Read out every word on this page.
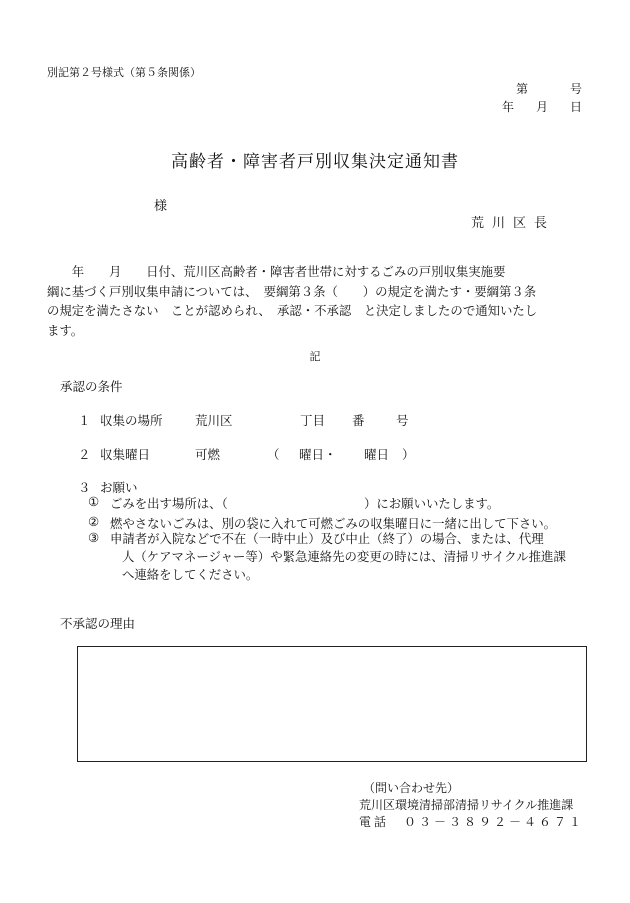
別記第２号様式（第５条関係）
第	号
年 月 日
高齢者・障害者戸別収集決定通知書
様
荒川区長

　　年　　月　　日付、荒川区高齢者・障害者世帯に対するごみの戸別収集実施要

綱に基づく戸別収集申請については、　要綱第３条（　　）の規定を満たす・要綱第３条

の規定を満たさない　ことが認められ、　承認・不承認　と決定しましたので通知いたし

ます。

記
承認の条件
１ 収集の場所	荒川区	丁目	番	号
２ 収集曜日	可燃	（	曜日・	曜日	）
３ お願い
① ごみを出す場所は、（　　　　　　　　　　　）にお願いいたします。
② 燃やさないごみは、別の袋に入れて可燃ごみの収集曜日に一緒に出して下さい。
③ 申請者が入院などで不在（一時中止）及び中止（終了）の場合、または、代理
人（ケアマネージャー等）や緊急連絡先の変更の時には、清掃リサイクル推進課
へ連絡をしてください。
不承認の理由
（問い合わせ先）
荒川区環境清掃部清掃リサイクル推進課
電話　０３－３８９２－４６７１
